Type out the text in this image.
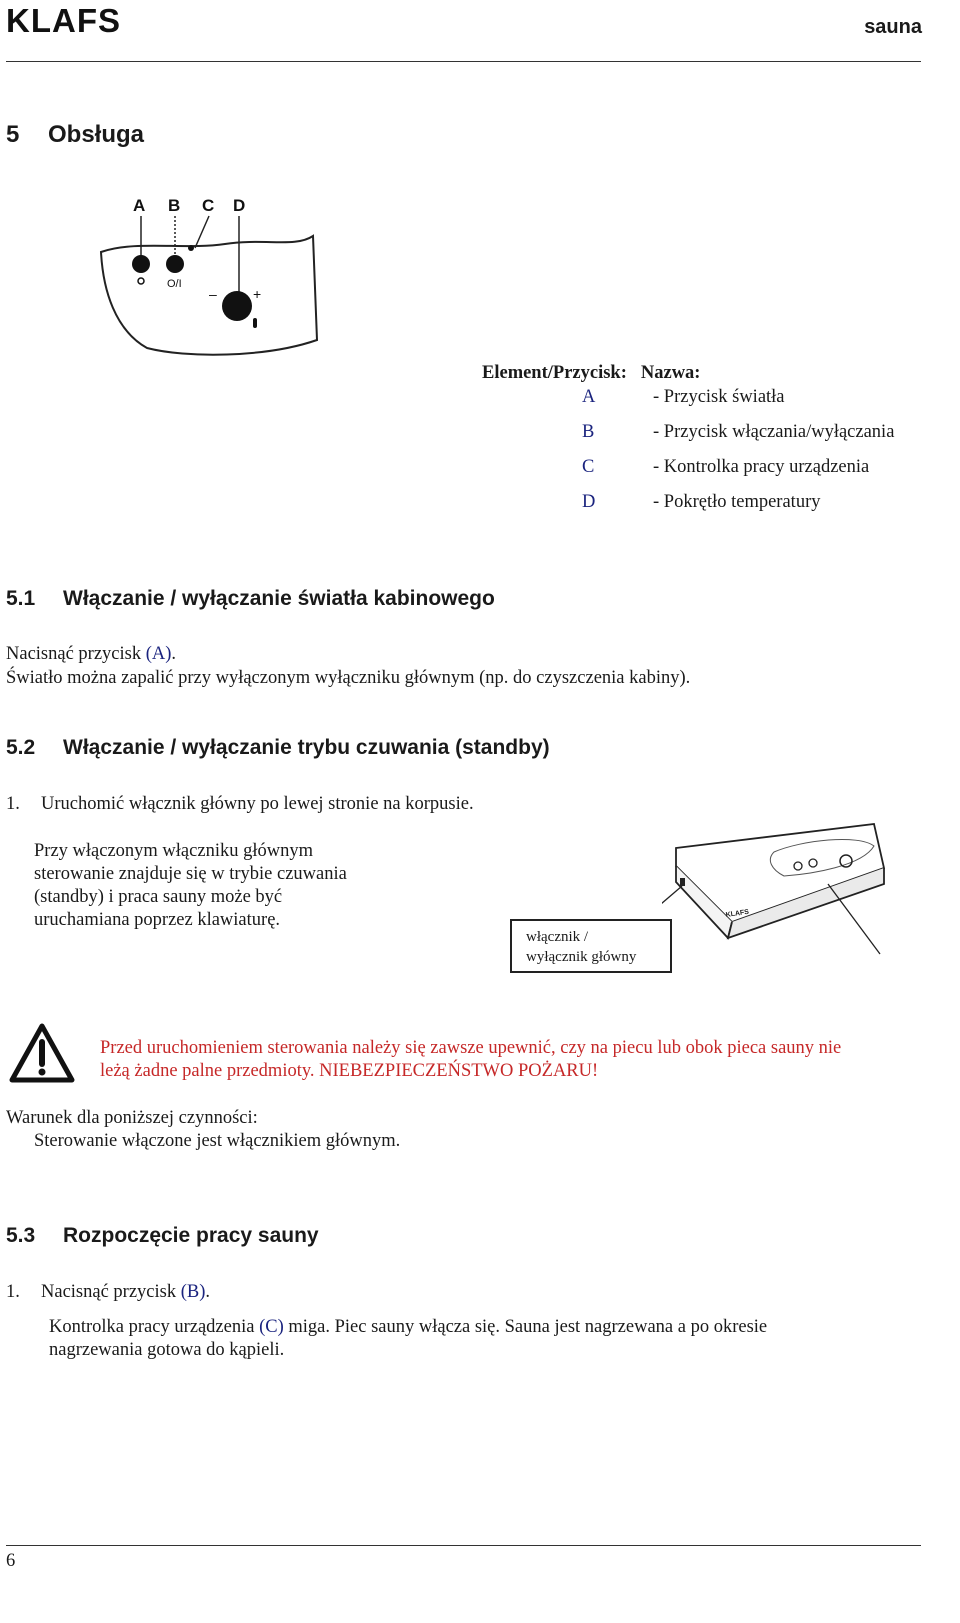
KLAFS	sauna
5 Obsługa
A B C D
O/I
–	+
Element/Przycisk: Nazwa:
A	- Przycisk światła
B	- Przycisk włączania/wyłączania
C	- Kontrolka pracy urządzenia
D	- Pokrętło temperatury
5.1 Włączanie / wyłączanie światła kabinowego
Nacisnąć przycisk (A).
Światło można zapalić przy wyłączonym wyłączniku głównym (np. do czyszczenia kabiny).
5.2 Włączanie / wyłączanie trybu czuwania (standby)
1. Uruchomić włącznik główny po lewej stronie na korpusie.
Przy włączonym włączniku głównym
sterowanie znajduje się w trybie czuwania
(standby) i praca sauny może być
uruchamiana poprzez klawiaturę.	KLAFS
włącznik /
wyłącznik główny
Przed uruchomieniem sterowania należy się zawsze upewnić, czy na piecu lub obok pieca sauny nie
leżą żadne palne przedmioty. NIEBEZPIECZEŃSTWO POŻARU!
Warunek dla poniższej czynności:
Sterowanie włączone jest włącznikiem głównym.
5.3 Rozpoczęcie pracy sauny
1. Nacisnąć przycisk (B).
Kontrolka pracy urządzenia (C) miga. Piec sauny włącza się. Sauna jest nagrzewana a po okresie
nagrzewania gotowa do kąpieli.
6
